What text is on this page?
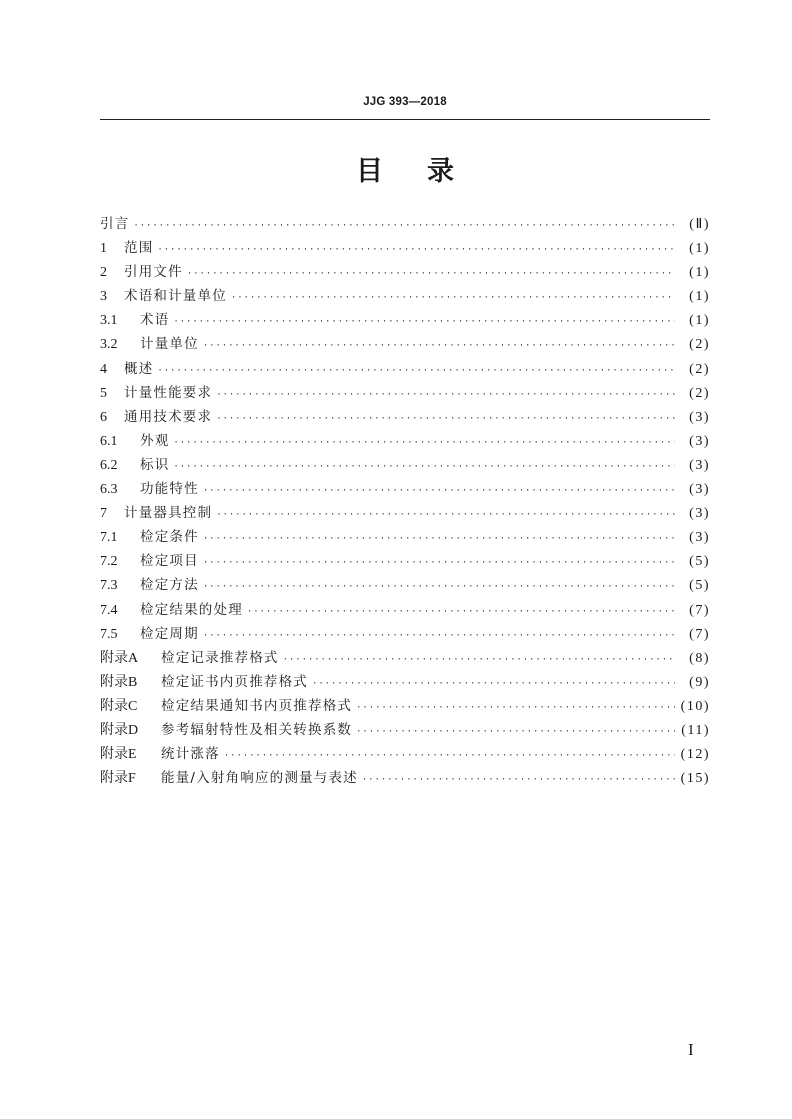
JJG 393—2018
目录
引言 ·····	(Ⅱ)
1	范围 ·····	(1)
2	引用文件 ·····	(1)
3	术语和计量单位 ·····	(1)
3.1	术语 ·····	(1)
3.2	计量单位 ·····	(2)
4	概述 ·····	(2)
5	计量性能要求 ·····	(2)
6	通用技术要求 ·····	(3)
6.1	外观 ·····	(3)
6.2	标识 ·····	(3)
6.3	功能特性 ·····	(3)
7	计量器具控制 ·····	(3)
7.1	检定条件 ·····	(3)
7.2	检定项目 ·····	(5)
7.3	检定方法 ·····	(5)
7.4	检定结果的处理 ·····	(7)
7.5	检定周期 ·····	(7)
附录A	检定记录推荐格式 ·····	(8)
附录B	检定证书内页推荐格式 ·····	(9)
附录C	检定结果通知书内页推荐格式 ·····	(10)
附录D	参考辐射特性及相关转换系数 ·····	(11)
附录E	统计涨落 ·····	(12)
附录F	能量/入射角响应的测量与表述 ·····	(15)
I
